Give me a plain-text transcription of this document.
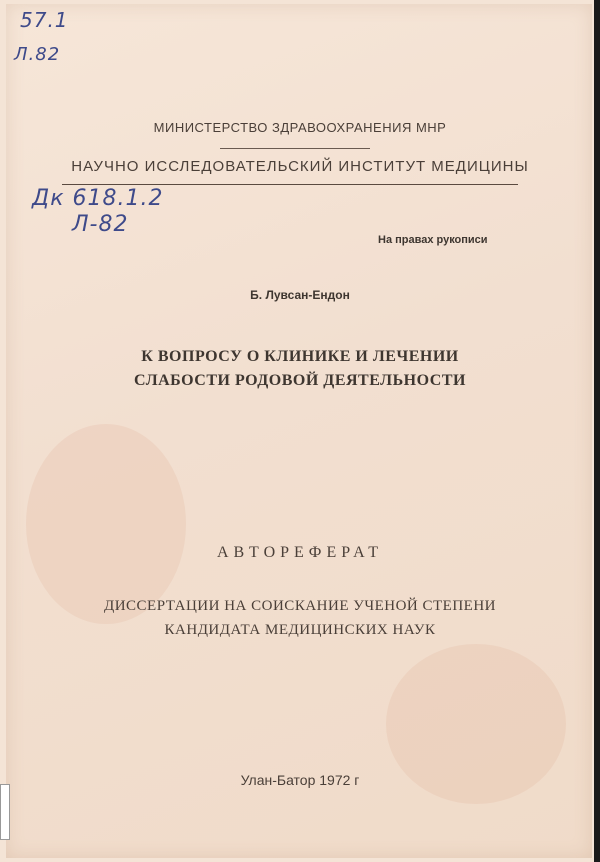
57.1
Л.82
Дк 618.1.2
Л-82
МИНИСТЕРСТВО ЗДРАВООХРАНЕНИЯ МНР
НАУЧНО ИССЛЕДОВАТЕЛЬСКИЙ ИНСТИТУТ МЕДИЦИНЫ
На правах рукописи
Б. Лувсан-Ендон
К ВОПРОСУ О КЛИНИКЕ И ЛЕЧЕНИИ
СЛАБОСТИ РОДОВОЙ ДЕЯТЕЛЬНОСТИ
АВТОРЕФЕРАТ
ДИССЕРТАЦИИ НА СОИСКАНИЕ УЧЕНОЙ СТЕПЕНИ
КАНДИДАТА МЕДИЦИНСКИХ НАУК
Улан-Батор 1972 г
